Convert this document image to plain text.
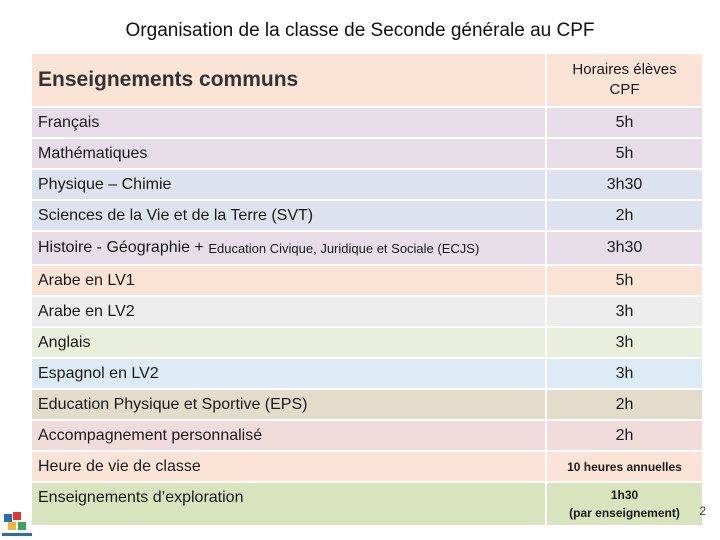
Organisation de la classe de Seconde générale au CPF
Enseignements communs	Horaires élèves
CPF
Français	5h
Mathématiques	5h
Physique – Chimie	3h30
Sciences de la Vie et de la Terre (SVT)	2h
Histoire - Géographie + Education Civique, Juridique et Sociale (ECJS)	3h30
Arabe en LV1	5h
Arabe en LV2	3h
Anglais	3h
Espagnol en LV2	3h
Education Physique et Sportive (EPS)	2h
Accompagnement personnalisé	2h
Heure de vie de classe	10 heures annuelles
Enseignements d’exploration	1h30
(par enseignement) 2
